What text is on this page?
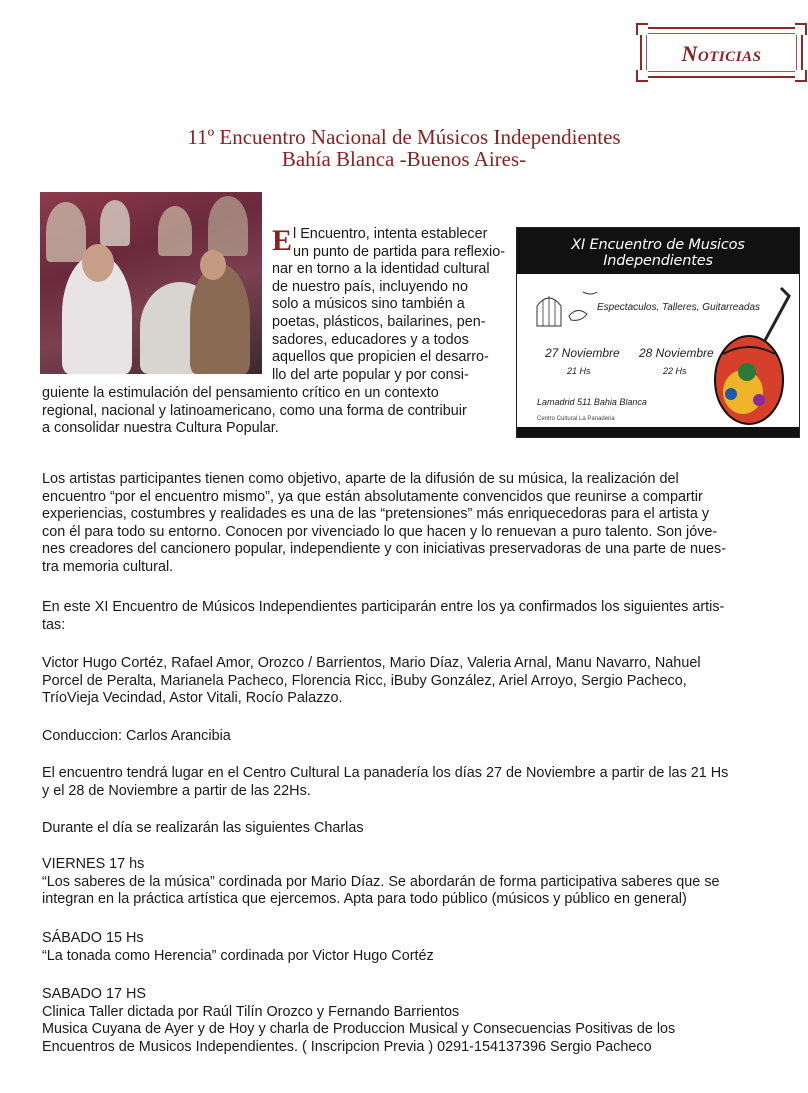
Noticias
11º Encuentro Nacional de Músicos Independientes
Bahía Blanca -Buenos Aires-
XI Encuentro de Musicos Independientes
Espectaculos, Talleres, Guitarreadas
27 Noviembre
21 Hs
28 Noviembre
22 Hs
Lamadrid 511 Bahia Blanca
Centro Cultural La Panaderia
E l Encuentro, intenta establecer
un punto de partida para reflexio-
nar en torno a la identidad cultural
de nuestro país, incluyendo no
solo a músicos sino también a
poetas, plásticos, bailarines, pen-
sadores, educadores y a todos
aquellos que propicien el desarro-
llo del arte popular y por consi-
guiente la estimulación del pensamiento crítico en un contexto
regional, nacional y latinoamericano, como una forma de contribuir
a consolidar nuestra Cultura Popular.
Los artistas participantes tienen como objetivo, aparte de la difusión de su música, la realización del
encuentro “por el encuentro mismo”, ya que están absolutamente convencidos que reunirse a compartir
experiencias, costumbres y realidades es una de las “pretensiones” más enriquecedoras para el artista y
con él para todo su entorno. Conocen por vivenciado lo que hacen y lo renuevan a puro talento. Son jóve-
nes creadores del cancionero popular, independiente y con iniciativas preservadoras de una parte de nues-
tra memoria cultural.
En este XI Encuentro de Músicos Independientes participarán entre los ya confirmados los siguientes artis-
tas:
Victor Hugo Cortéz, Rafael Amor, Orozco / Barrientos, Mario Díaz, Valeria Arnal, Manu Navarro, Nahuel
Porcel de Peralta, Marianela Pacheco, Florencia Ricc, iBuby González, Ariel Arroyo, Sergio Pacheco,
TríoVieja Vecindad, Astor Vitali, Rocío Palazzo.
Conduccion: Carlos Arancibia
El encuentro tendrá lugar en el Centro Cultural La panadería los días 27 de Noviembre a partir de las 21 Hs
y el 28 de Noviembre a partir de las 22Hs.
Durante el día se realizarán las siguientes Charlas
VIERNES 17 hs
“Los saberes de la música” cordinada por Mario Díaz. Se abordarán de forma participativa saberes que se
integran en la práctica artística que ejercemos. Apta para todo público (músicos y público en general)
SÁBADO 15 Hs
“La tonada como Herencia” cordinada por Victor Hugo Cortéz
SABADO 17 HS
Clinica Taller dictada por Raúl Tilín Orozco y Fernando Barrientos
Musica Cuyana de Ayer y de Hoy y charla de Produccion Musical y Consecuencias Positivas de los
Encuentros de Musicos Independientes. ( Inscripcion Previa ) 0291-154137396 Sergio Pacheco
